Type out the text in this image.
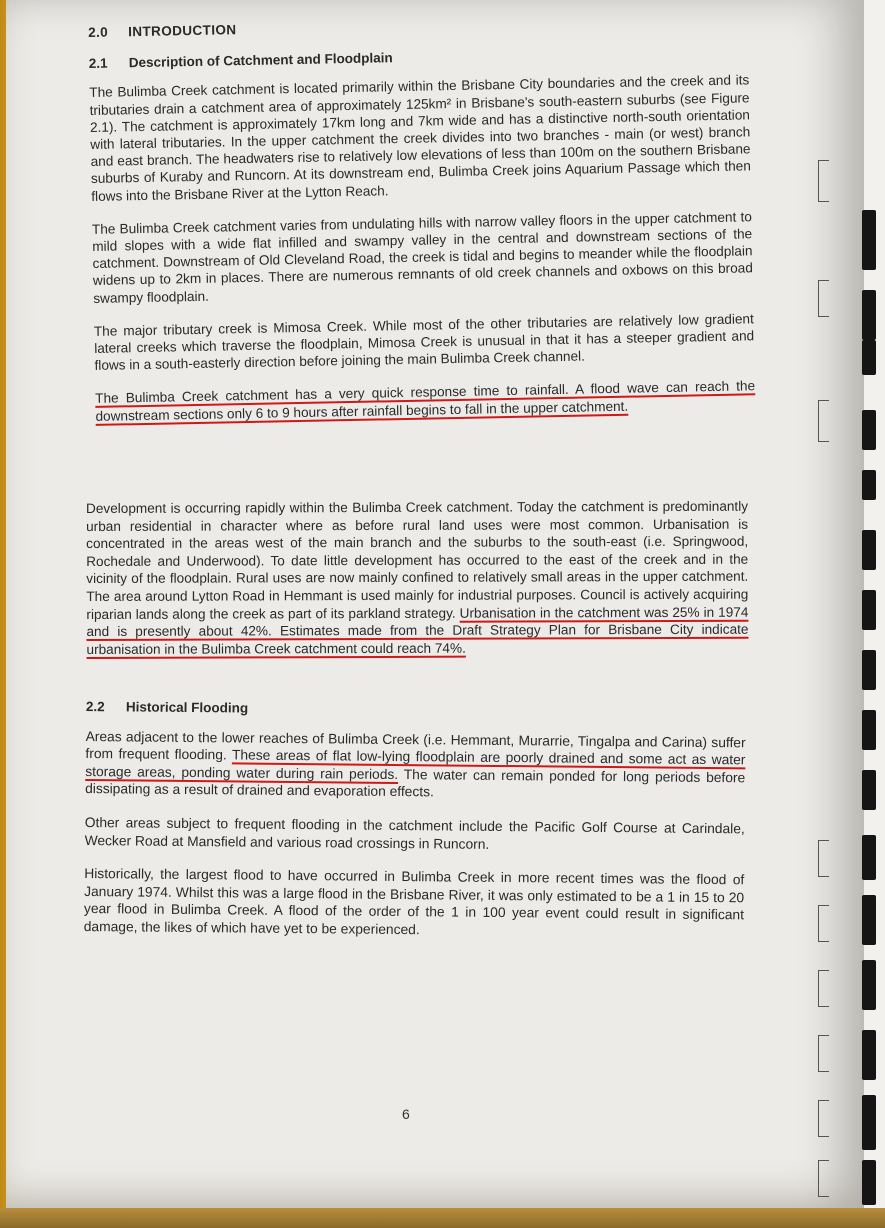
2.0 INTRODUCTION
2.1 Description of Catchment and Floodplain

The Bulimba Creek catchment is located primarily within the Brisbane City boundaries and the creek and its tributaries drain a catchment area of approximately 125km² in Brisbane's south-eastern suburbs (see Figure 2.1). The catchment is approximately 17km long and 7km wide and has a distinctive north-south orientation with lateral tributaries. In the upper catchment the creek divides into two branches - main (or west) branch and east branch. The headwaters rise to relatively low elevations of less than 100m on the southern Brisbane suburbs of Kuraby and Runcorn. At its downstream end, Bulimba Creek joins Aquarium Passage which then flows into the Brisbane River at the Lytton Reach.

The Bulimba Creek catchment varies from undulating hills with narrow valley floors in the upper catchment to mild slopes with a wide flat infilled and swampy valley in the central and downstream sections of the catchment. Downstream of Old Cleveland Road, the creek is tidal and begins to meander while the floodplain widens up to 2km in places. There are numerous remnants of old creek channels and oxbows on this broad swampy floodplain.

The major tributary creek is Mimosa Creek. While most of the other tributaries are relatively low gradient lateral creeks which traverse the floodplain, Mimosa Creek is unusual in that it has a steeper gradient and flows in a south-easterly direction before joining the main Bulimba Creek channel.

The Bulimba Creek catchment has a very quick response time to rainfall. A flood wave can reach the downstream sections only 6 to 9 hours after rainfall begins to fall in the upper catchment.

Development is occurring rapidly within the Bulimba Creek catchment. Today the catchment is predominantly urban residential in character where as before rural land uses were most common. Urbanisation is concentrated in the areas west of the main branch and the suburbs to the south-east (i.e. Springwood, Rochedale and Underwood). To date little development has occurred to the east of the creek and in the vicinity of the floodplain. Rural uses are now mainly confined to relatively small areas in the upper catchment. The area around Lytton Road in Hemmant is used mainly for industrial purposes. Council is actively acquiring riparian lands along the creek as part of its parkland strategy. Urbanisation in the catchment was 25% in 1974 and is presently about 42%. Estimates made from the Draft Strategy Plan for Brisbane City indicate urbanisation in the Bulimba Creek catchment could reach 74%.

2.2 Historical Flooding

Areas adjacent to the lower reaches of Bulimba Creek (i.e. Hemmant, Murarrie, Tingalpa and Carina) suffer from frequent flooding. These areas of flat low-lying floodplain are poorly drained and some act as water storage areas, ponding water during rain periods. The water can remain ponded for long periods before dissipating as a result of drained and evaporation effects.

Other areas subject to frequent flooding in the catchment include the Pacific Golf Course at Carindale, Wecker Road at Mansfield and various road crossings in Runcorn.

Historically, the largest flood to have occurred in Bulimba Creek in more recent times was the flood of January 1974. Whilst this was a large flood in the Brisbane River, it was only estimated to be a 1 in 15 to 20 year flood in Bulimba Creek. A flood of the order of the 1 in 100 year event could result in significant damage, the likes of which have yet to be experienced.

6
